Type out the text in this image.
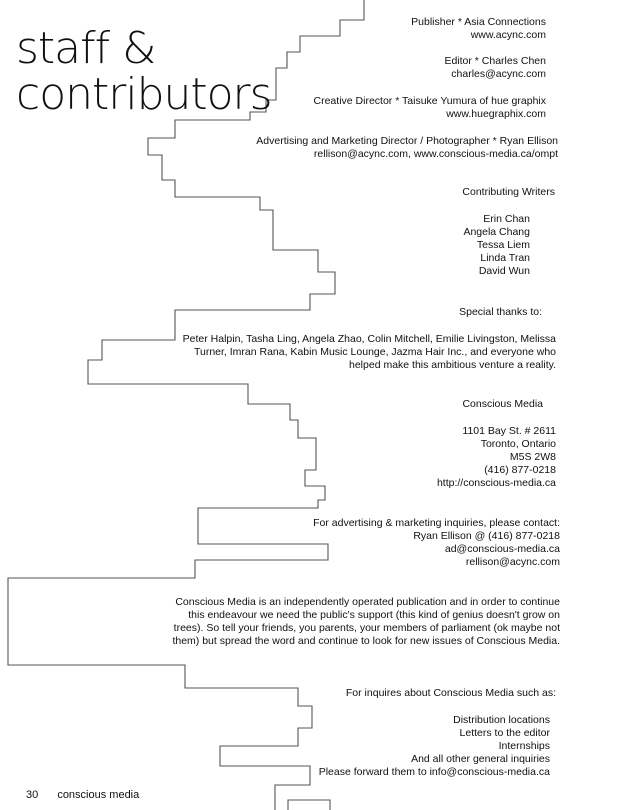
staff &
contributors
Publisher * Asia Connections
www.acync.com
Editor * Charles Chen
charles@acync.com
Creative Director * Taisuke Yumura of hue graphix
www.huegraphix.com
Advertising and Marketing Director / Photographer * Ryan Ellison
rellison@acync.com, www.conscious-media.ca/ompt
Contributing Writers
Erin Chan
Angela Chang
Tessa Liem
Linda Tran
David Wun
Special thanks to:
Peter Halpin, Tasha Ling, Angela Zhao, Colin Mitchell, Emilie Livingston, Melissa
Turner, Imran Rana, Kabin Music Lounge, Jazma Hair Inc., and everyone who
helped make this ambitious venture a reality.
Conscious Media
1101 Bay St. # 2611
Toronto, Ontario
M5S 2W8
(416) 877-0218
http://conscious-media.ca
For advertising & marketing inquiries, please contact:
Ryan Ellison @ (416) 877-0218
ad@conscious-media.ca
rellison@acync.com
Conscious Media is an independently operated publication and in order to continue
this endeavour we need the public's support (this kind of genius doesn't grow on
trees). So tell your friends, you parents, your members of parliament (ok maybe not
them) but spread the word and continue to look for new issues of Conscious Media.
For inquires about Conscious Media such as:
Distribution locations
Letters to the editor
Internships
And all other general inquiries
Please forward them to info@conscious-media.ca
30 conscious media
